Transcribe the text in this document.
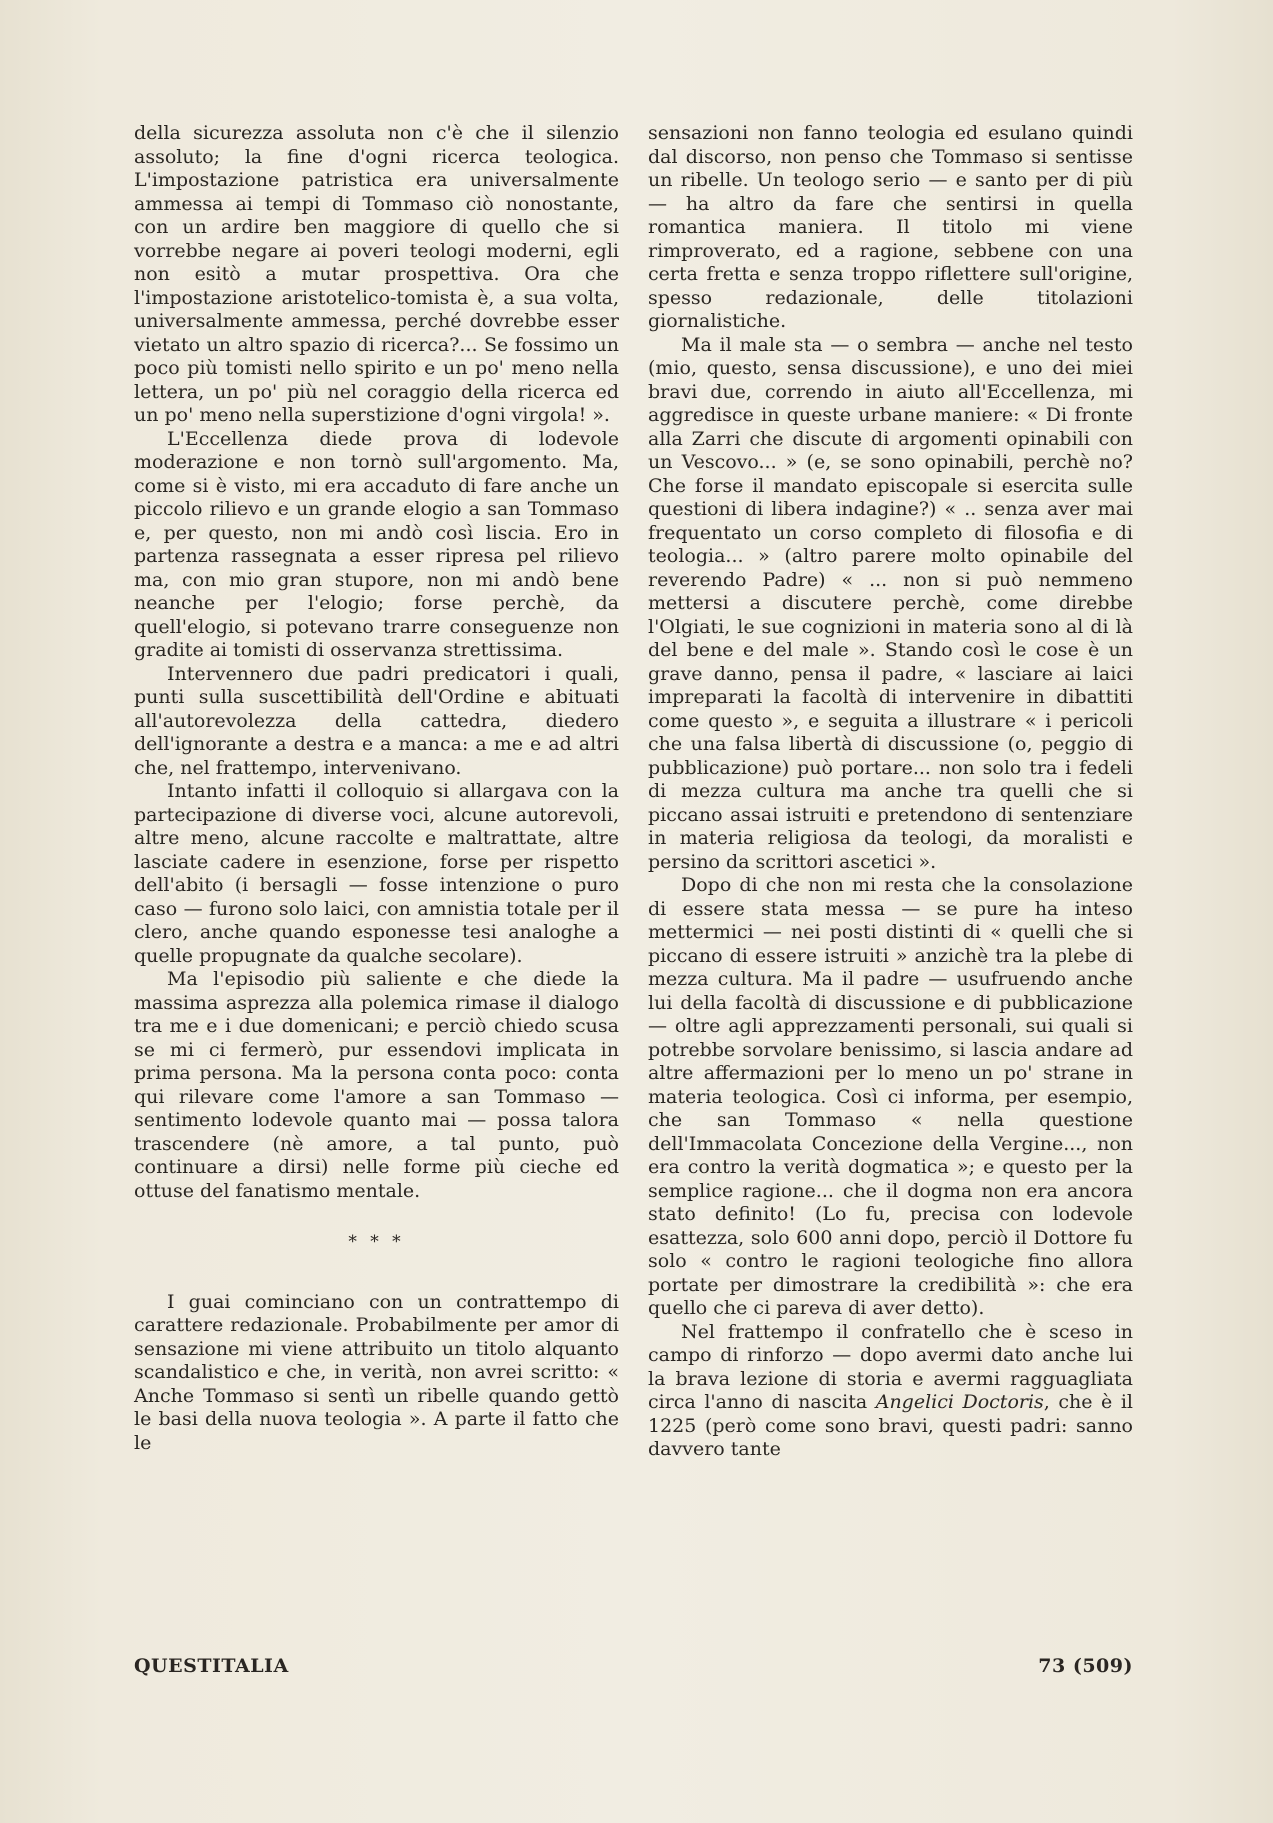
della sicurezza assoluta non c'è che il silenzio assoluto; la fine d'ogni ricerca teologica. L'impostazione patristica era universalmente ammessa ai tempi di Tommaso ciò nonostante, con un ardire ben maggiore di quello che si vorrebbe negare ai poveri teologi moderni, egli non esitò a mutar prospettiva. Ora che l'impostazione aristotelico-tomista è, a sua volta, universalmente ammessa, perché dovrebbe esser vietato un altro spazio di ricerca?... Se fossimo un poco più tomisti nello spirito e un po' meno nella lettera, un po' più nel coraggio della ricerca ed un po' meno nella superstizione d'ogni virgola! ».

L'Eccellenza diede prova di lodevole moderazione e non tornò sull'argomento. Ma, come si è visto, mi era accaduto di fare anche un piccolo rilievo e un grande elogio a san Tommaso e, per questo, non mi andò così liscia. Ero in partenza rassegnata a esser ripresa pel rilievo ma, con mio gran stupore, non mi andò bene neanche per l'elogio; forse perchè, da quell'elogio, si potevano trarre conseguenze non gradite ai tomisti di osservanza strettissima.

Intervennero due padri predicatori i quali, punti sulla suscettibilità dell'Ordine e abituati all'autorevolezza della cattedra, diedero dell'ignorante a destra e a manca: a me e ad altri che, nel frattempo, intervenivano.

Intanto infatti il colloquio si allargava con la partecipazione di diverse voci, alcune autorevoli, altre meno, alcune raccolte e maltrattate, altre lasciate cadere in esenzione, forse per rispetto dell'abito (i bersagli — fosse intenzione o puro caso — furono solo laici, con amnistia totale per il clero, anche quando esponesse tesi analoghe a quelle propugnate da qualche secolare).

Ma l'episodio più saliente e che diede la massima asprezza alla polemica rimase il dialogo tra me e i due domenicani; e perciò chiedo scusa se mi ci fermerò, pur essendovi implicata in prima persona. Ma la persona conta poco: conta qui rilevare come l'amore a san Tommaso — sentimento lodevole quanto mai — possa talora trascendere (nè amore, a tal punto, può continuare a dirsi) nelle forme più cieche ed ottuse del fanatismo mentale.

* * *

I guai cominciano con un contrattempo di carattere redazionale. Probabilmente per amor di sensazione mi viene attribuito un titolo alquanto scandalistico e che, in verità, non avrei scritto: « Anche Tommaso si sentì un ribelle quando gettò le basi della nuova teologia ». A parte il fatto che le

sensazioni non fanno teologia ed esulano quindi dal discorso, non penso che Tommaso si sentisse un ribelle. Un teologo serio — e santo per di più — ha altro da fare che sentirsi in quella romantica maniera. Il titolo mi viene rimproverato, ed a ragione, sebbene con una certa fretta e senza troppo riflettere sull'origine, spesso redazionale, delle titolazioni giornalistiche.

Ma il male sta — o sembra — anche nel testo (mio, questo, sensa discussione), e uno dei miei bravi due, correndo in aiuto all'Eccellenza, mi aggredisce in queste urbane maniere: « Di fronte alla Zarri che discute di argomenti opinabili con un Vescovo... » (e, se sono opinabili, perchè no? Che forse il mandato episcopale si esercita sulle questioni di libera indagine?) « .. senza aver mai frequentato un corso completo di filosofia e di teologia... » (altro parere molto opinabile del reverendo Padre) « ... non si può nemmeno mettersi a discutere perchè, come direbbe l'Olgiati, le sue cognizioni in materia sono al di là del bene e del male ». Stando così le cose è un grave danno, pensa il padre, « lasciare ai laici impreparati la facoltà di intervenire in dibattiti come questo », e seguita a illustrare « i pericoli che una falsa libertà di discussione (o, peggio di pubblicazione) può portare... non solo tra i fedeli di mezza cultura ma anche tra quelli che si piccano assai istruiti e pretendono di sentenziare in materia religiosa da teologi, da moralisti e persino da scrittori ascetici ».

Dopo di che non mi resta che la consolazione di essere stata messa — se pure ha inteso mettermici — nei posti distinti di « quelli che si piccano di essere istruiti » anzichè tra la plebe di mezza cultura. Ma il padre — usufruendo anche lui della facoltà di discussione e di pubblicazione — oltre agli apprezzamenti personali, sui quali si potrebbe sorvolare benissimo, si lascia andare ad altre affermazioni per lo meno un po' strane in materia teologica. Così ci informa, per esempio, che san Tommaso « nella questione dell'Immacolata Concezione della Vergine..., non era contro la verità dogmatica »; e questo per la semplice ragione... che il dogma non era ancora stato definito! (Lo fu, precisa con lodevole esattezza, solo 600 anni dopo, perciò il Dottore fu solo « contro le ragioni teologiche fino allora portate per dimostrare la credibilità »: che era quello che ci pareva di aver detto).

Nel frattempo il confratello che è sceso in campo di rinforzo — dopo avermi dato anche lui la brava lezione di storia e avermi ragguagliata circa l'anno di nascita Angelici Doctoris, che è il 1225 (però come sono bravi, questi padri: sanno davvero tante

QUESTITALIA	73 (509)
